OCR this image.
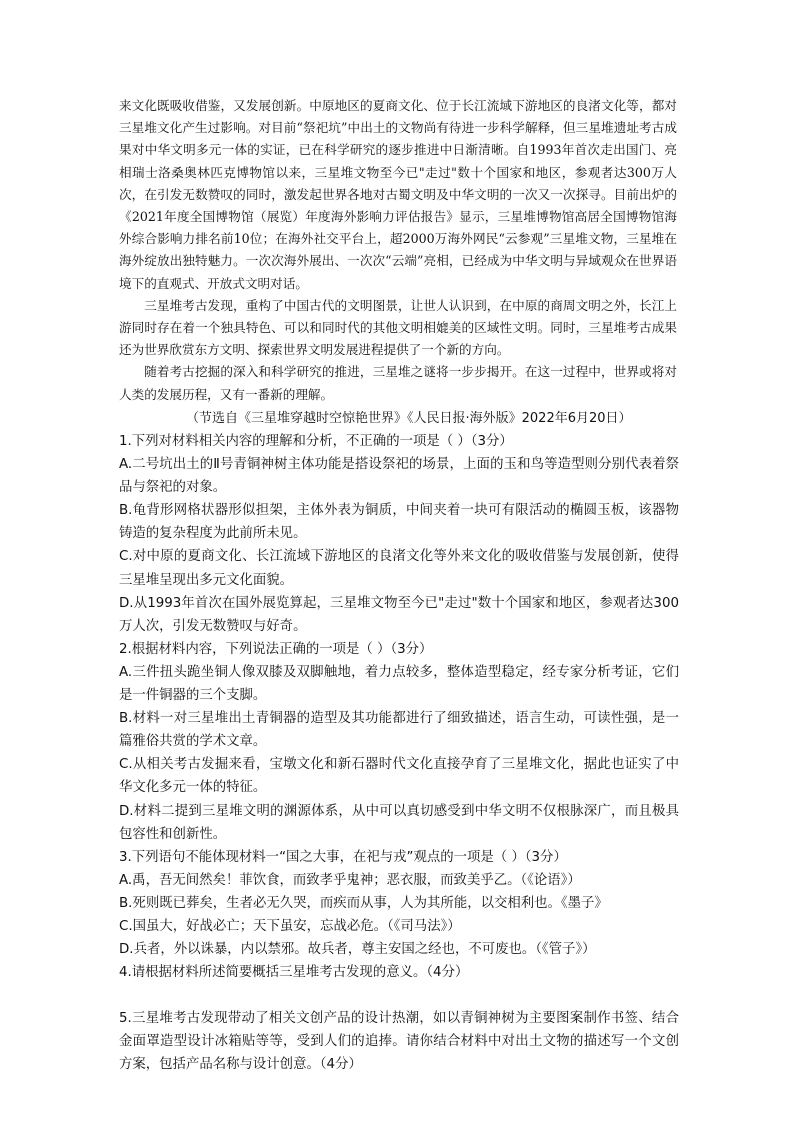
来文化既吸收借鉴，又发展创新。中原地区的夏商文化、位于长江流域下游地区的良渚文化等，都对三星堆文化产生过影响。对目前“祭祀坑”中出土的文物尚有待进一步科学解释，但三星堆遗址考古成果对中华文明多元一体的实证，已在科学研究的逐步推进中日渐清晰。自1993年首次走出国门、亮相瑞士洛桑奥林匹克博物馆以来，三星堆文物至今已"走过"数十个国家和地区，参观者达300万人次，在引发无数赞叹的同时，激发起世界各地对古蜀文明及中华文明的一次又一次探寻。目前出炉的《2021年度全国博物馆（展览）年度海外影响力评估报告》显示，三星堆博物馆高居全国博物馆海外综合影响力排名前10位；在海外社交平台上，超2000万海外网民“云参观”三星堆文物，三星堆在海外绽放出独特魅力。一次次海外展出、一次次“云端”亮相，已经成为中华文明与异域观众在世界语境下的直观式、开放式文明对话。

三星堆考古发现，重构了中国古代的文明图景，让世人认识到，在中原的商周文明之外，长江上游同时存在着一个独具特色、可以和同时代的其他文明相媲美的区域性文明。同时，三星堆考古成果还为世界欣赏东方文明、探索世界文明发展进程提供了一个新的方向。

随着考古挖掘的深入和科学研究的推进，三星堆之谜将一步步揭开。在这一过程中，世界或将对人类的发展历程，又有一番新的理解。

（节选自《三星堆穿越时空惊艳世界》《人民日报·海外版》2022年6月20日）

1.下列对材料相关内容的理解和分析，不正确的一项是（ ）（3分）

A.二号坑出土的Ⅱ号青铜神树主体功能是搭设祭祀的场景，上面的玉和鸟等造型则分别代表着祭品与祭祀的对象。

B.龟背形网格状器形似担架，主体外表为铜质，中间夹着一块可有限活动的椭圆玉板，该器物铸造的复杂程度为此前所未见。

C.对中原的夏商文化、长江流域下游地区的良渚文化等外来文化的吸收借鉴与发展创新，使得三星堆呈现出多元文化面貌。

D.从1993年首次在国外展览算起，三星堆文物至今已"走过"数十个国家和地区，参观者达300万人次，引发无数赞叹与好奇。

2.根据材料内容，下列说法正确的一项是（ ）（3分）

A.三件扭头跪坐铜人像双膝及双脚触地，着力点较多，整体造型稳定，经专家分析考证，它们是一件铜器的三个支脚。

B.材料一对三星堆出土青铜器的造型及其功能都进行了细致描述，语言生动，可读性强，是一篇雅俗共赏的学术文章。

C.从相关考古发掘来看，宝墩文化和新石器时代文化直接孕育了三星堆文化，据此也证实了中华文化多元一体的特征。

D.材料二提到三星堆文明的渊源体系，从中可以真切感受到中华文明不仅根脉深广，而且极具包容性和创新性。

3.下列语句不能体现材料一“国之大事，在祀与戎”观点的一项是（ ）（3分）

A.禹，吾无间然矣！菲饮食，而致孝乎鬼神；恶衣服，而致美乎乙。（《论语》）

B.死则既已葬矣，生者必无久哭，而疾而从事，人为其所能，以交相利也。《墨子》

C.国虽大，好战必亡；天下虽安，忘战必危。（《司马法》）

D.兵者，外以诛暴，内以禁邪。故兵者，尊主安国之经也，不可废也。（《管子》）

4.请根据材料所述简要概括三星堆考古发现的意义。（4分）

5.三星堆考古发现带动了相关文创产品的设计热潮，如以青铜神树为主要图案制作书签、结合金面罩造型设计冰箱贴等等，受到人们的追捧。请你结合材料中对出土文物的描述写一个文创方案，包括产品名称与设计创意。（4分）
